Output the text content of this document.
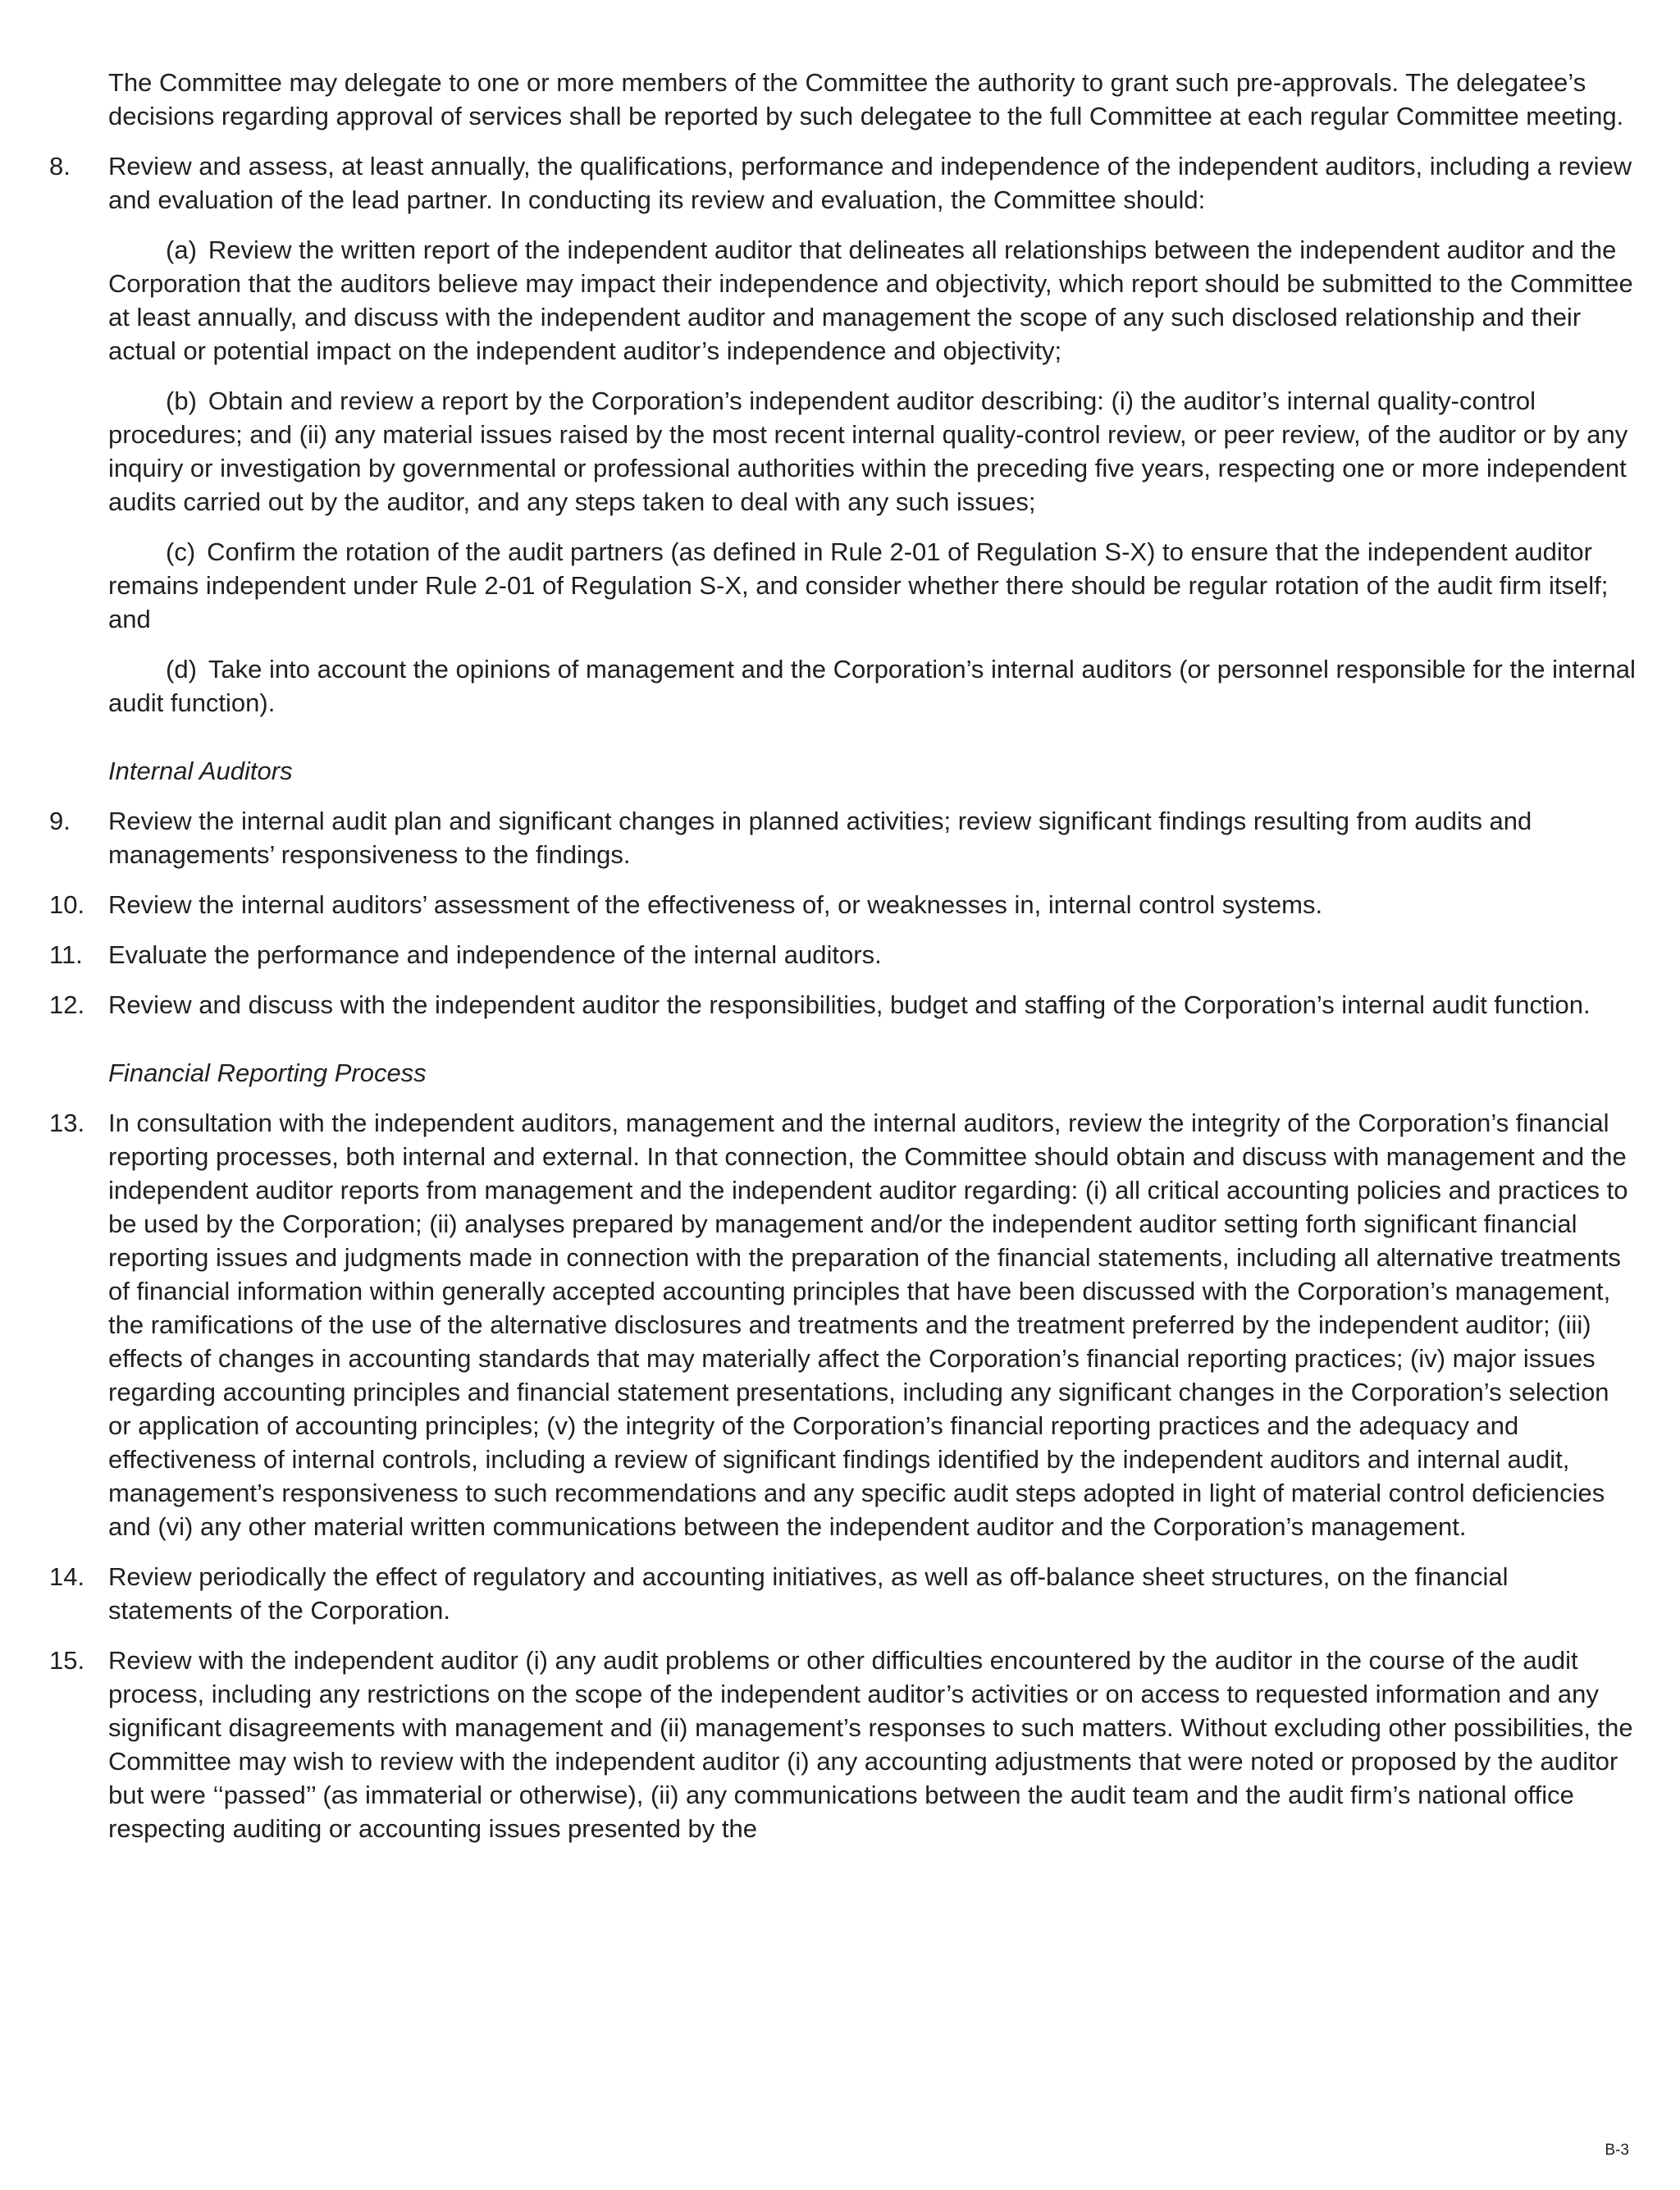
The Committee may delegate to one or more members of the Committee the authority to grant such pre-approvals. The delegatee’s decisions regarding approval of services shall be reported by such delegatee to the full Committee at each regular Committee meeting.

8.	Review and assess, at least annually, the qualifications, performance and independence of the independent auditors, including a review and evaluation of the lead partner. In conducting its review and evaluation, the Committee should:

(a) Review the written report of the independent auditor that delineates all relationships between the independent auditor and the Corporation that the auditors believe may impact their independence and objectivity, which report should be submitted to the Committee at least annually, and discuss with the independent auditor and management the scope of any such disclosed relationship and their actual or potential impact on the independent auditor’s independence and objectivity;

(b) Obtain and review a report by the Corporation’s independent auditor describing: (i) the auditor’s internal quality-control procedures; and (ii) any material issues raised by the most recent internal quality-control review, or peer review, of the auditor or by any inquiry or investigation by governmental or professional authorities within the preceding five years, respecting one or more independent audits carried out by the auditor, and any steps taken to deal with any such issues;

(c) Confirm the rotation of the audit partners (as defined in Rule 2-01 of Regulation S-X) to ensure that the independent auditor remains independent under Rule 2-01 of Regulation S-X, and consider whether there should be regular rotation of the audit firm itself; and

(d) Take into account the opinions of management and the Corporation’s internal auditors (or personnel responsible for the internal audit function).

Internal Auditors

9.	Review the internal audit plan and significant changes in planned activities; review significant findings resulting from audits and managements’ responsiveness to the findings.
10. Review the internal auditors’ assessment of the effectiveness of, or weaknesses in, internal control systems.
11.	Evaluate the performance and independence of the internal auditors.
12. Review and discuss with the independent auditor the responsibilities, budget and staffing of the Corporation’s internal audit function.

Financial Reporting Process

13. In consultation with the independent auditors, management and the internal auditors, review the integrity of the Corporation’s financial reporting processes, both internal and external. In that connection, the Committee should obtain and discuss with management and the independent auditor reports from management and the independent auditor regarding: (i) all critical accounting policies and practices to be used by the Corporation; (ii) analyses prepared by management and/or the independent auditor setting forth significant financial reporting issues and judgments made in connection with the preparation of the financial statements, including all alternative treatments of financial information within generally accepted accounting principles that have been discussed with the Corporation’s management, the ramifications of the use of the alternative disclosures and treatments and the treatment preferred by the independent auditor; (iii) effects of changes in accounting standards that may materially affect the Corporation’s financial reporting practices; (iv) major issues regarding accounting principles and financial statement presentations, including any significant changes in the Corporation’s selection or application of accounting principles; (v) the integrity of the Corporation’s financial reporting practices and the adequacy and effectiveness of internal controls, including a review of significant findings identified by the independent auditors and internal audit, management’s responsiveness to such recommendations and any specific audit steps adopted in light of material control deficiencies and (vi) any other material written communications between the independent auditor and the Corporation’s management.
14. Review periodically the effect of regulatory and accounting initiatives, as well as off-balance sheet structures, on the financial statements of the Corporation.
15. Review with the independent auditor (i) any audit problems or other difficulties encountered by the auditor in the course of the audit process, including any restrictions on the scope of the independent auditor’s activities or on access to requested information and any significant disagreements with management and (ii) management’s responses to such matters. Without excluding other possibilities, the Committee may wish to review with the independent auditor (i) any accounting adjustments that were noted or proposed by the auditor but were ‘‘passed’’ (as immaterial or otherwise), (ii) any communications between the audit team and the audit firm’s national office respecting auditing or accounting issues presented by the
B-3
